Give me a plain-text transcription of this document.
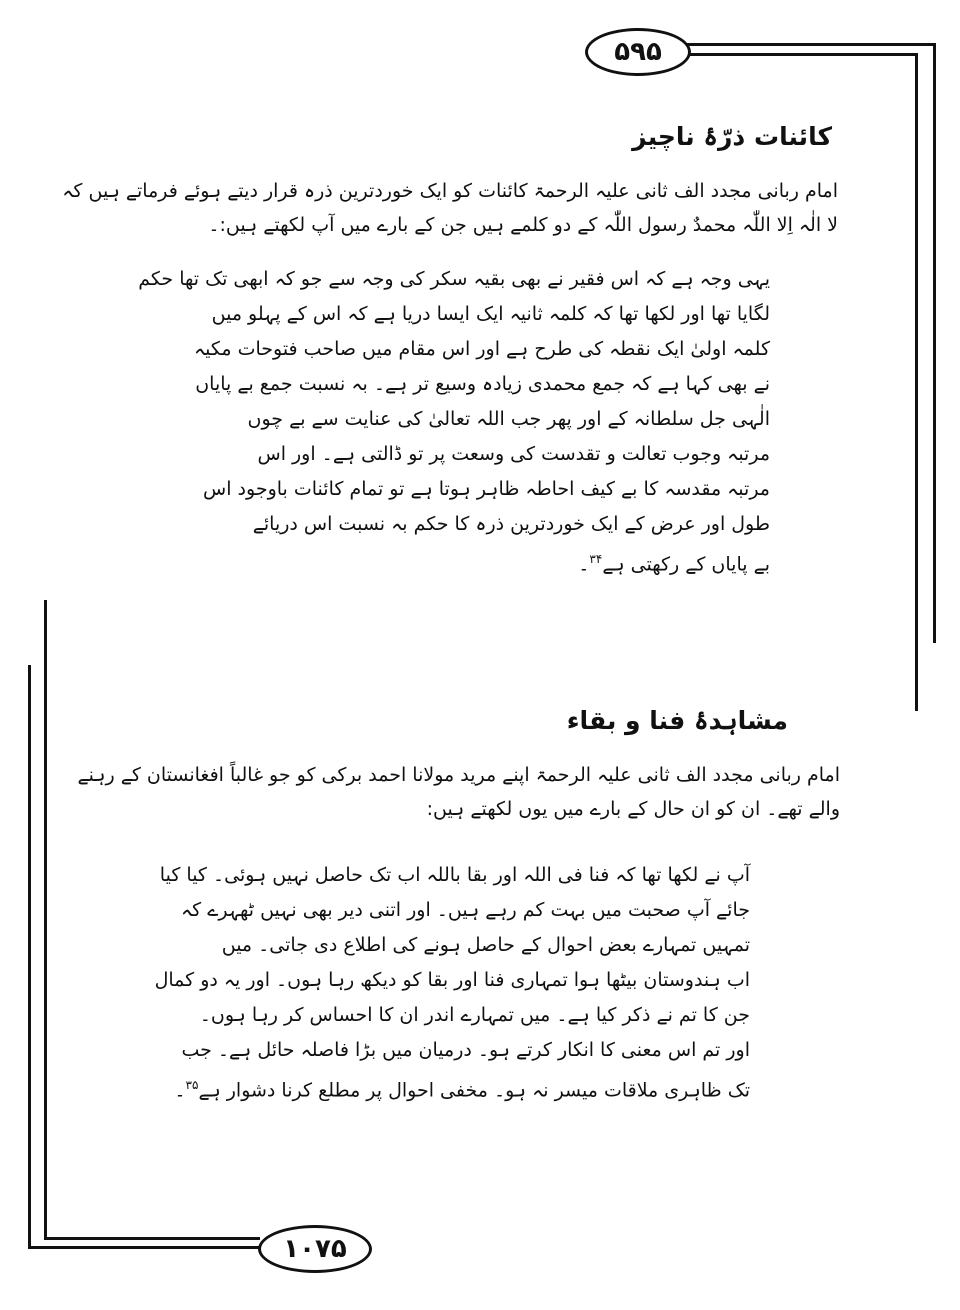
۵۹۵
۱۰۷۵
کائنات ذرّۂ ناچیز
امام ربانی مجدد الف ثانی علیہ الرحمۃ کائنات کو ایک خوردترین ذرہ قرار دیتے ہوئے فرماتے ہیں کہ
لا الٰہ اِلا اللّٰہ محمدٌ رسول اللّٰہ کے دو کلمے ہیں جن کے بارے میں آپ لکھتے ہیں:۔
یہی وجہ ہے کہ اس فقیر نے بھی بقیہ سکر کی وجہ سے جو کہ ابھی تک تھا حکم
لگایا تھا اور لکھا تھا کہ کلمہ ثانیہ ایک ایسا دریا ہے کہ اس کے پہلو میں
کلمہ اولیٰ ایک نقطہ کی طرح ہے اور اس مقام میں صاحب فتوحات مکیہ
نے بھی کہا ہے کہ جمع محمدی زیادہ وسیع تر ہے۔ بہ نسبت جمع بے پایاں
الٰہی جل سلطانہ کے اور پھر جب اللہ تعالیٰ کی عنایت سے بے چوں
مرتبہ وجوب تعالت و تقدست کی وسعت پر تو ڈالتی ہے۔ اور اس
مرتبہ مقدسہ کا بے کیف احاطہ ظاہر ہوتا ہے تو تمام کائنات باوجود اس
طول اور عرض کے ایک خوردترین ذرہ کا حکم بہ نسبت اس دریائے
بے پایاں کے رکھتی ہے$^{۳۴}$۔
مشاہدۂ فنا و بقاء
امام ربانی مجدد الف ثانی علیہ الرحمۃ اپنے مرید مولانا احمد برکی کو جو غالباً افغانستان کے رہنے
والے تھے۔ ان کو ان حال کے بارے میں یوں لکھتے ہیں:
آپ نے لکھا تھا کہ فنا فی اللہ اور بقا باللہ اب تک حاصل نہیں ہوئی۔ کیا کیا
جائے آپ صحبت میں بہت کم رہے ہیں۔ اور اتنی دیر بھی نہیں ٹھہرے کہ
تمہیں تمہارے بعض احوال کے حاصل ہونے کی اطلاع دی جاتی۔ میں
اب ہندوستان بیٹھا ہوا تمہاری فنا اور بقا کو دیکھ رہا ہوں۔ اور یہ دو کمال
جن کا تم نے ذکر کیا ہے۔ میں تمہارے اندر ان کا احساس کر رہا ہوں۔
اور تم اس معنی کا انکار کرتے ہو۔ درمیان میں بڑا فاصلہ حائل ہے۔ جب
تک ظاہری ملاقات میسر نہ ہو۔ مخفی احوال پر مطلع کرنا دشوار ہے$^{۳۵}$۔
